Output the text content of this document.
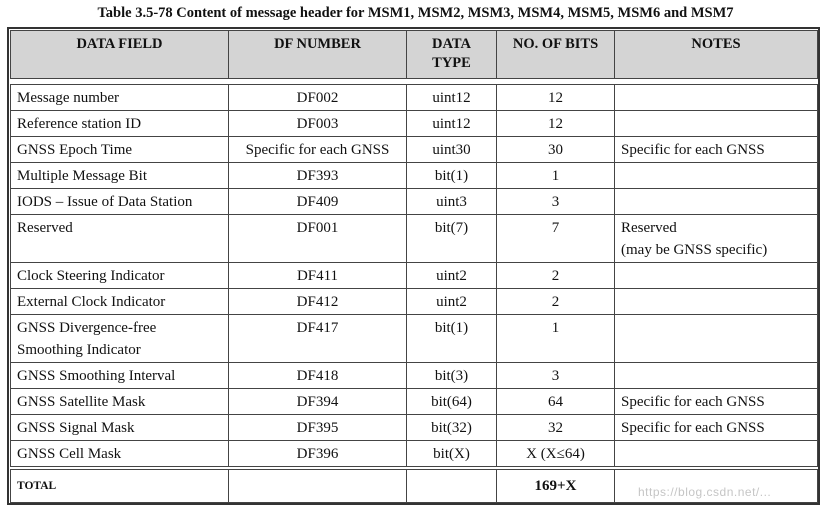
Table 3.5-78 Content of message header for MSM1, MSM2, MSM3, MSM4, MSM5, MSM6 and MSM7
DATA FIELD	DF NUMBER	DATA TYPE	NO. OF BITS	NOTES
Message number	DF002	uint12	12	
Reference station ID	DF003	uint12	12	
GNSS Epoch Time	Specific for each GNSS	uint30	30	Specific for each GNSS
Multiple Message Bit	DF393	bit(1)	1	
IODS – Issue of Data Station	DF409	uint3	3	
Reserved	DF001	bit(7)	7	Reserved
(may be GNSS specific)
Clock Steering Indicator	DF411	uint2	2	
External Clock Indicator	DF412	uint2	2	
GNSS Divergence-free
Smoothing Indicator	DF417	bit(1)	1	
GNSS Smoothing Interval	DF418	bit(3)	3	
GNSS Satellite Mask	DF394	bit(64)	64	Specific for each GNSS
GNSS Signal Mask	DF395	bit(32)	32	Specific for each GNSS
GNSS Cell Mask	DF396	bit(X)	X (X≤64)	
TOTAL			169+X		https://blog.csdn.net/...
